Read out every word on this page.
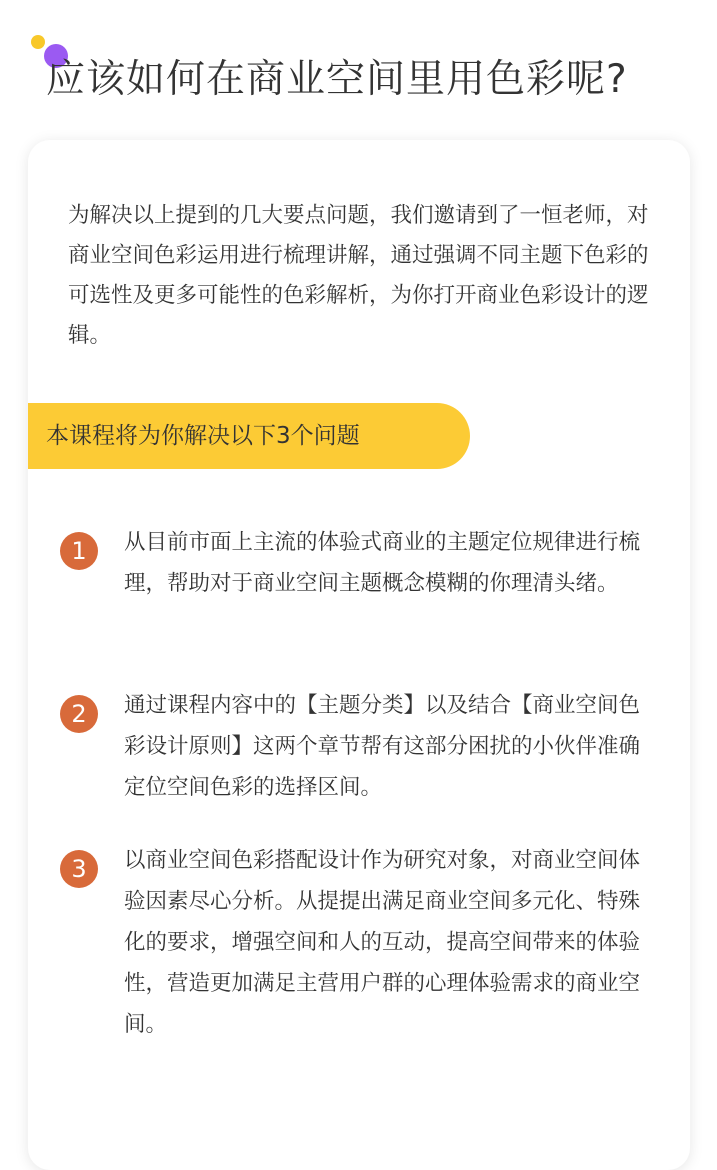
应该如何在商业空间里用色彩呢?

为解决以上提到的几大要点问题，我们邀请到了一恒老师，对商业空间色彩运用进行梳理讲解，通过强调不同主题下色彩的可选性及更多可能性的色彩解析，为你打开商业色彩设计的逻辑。

本课程将为你解决以下3个问题
1	从目前市面上主流的体验式商业的主题定位规律进行梳理，帮助对于商业空间主题概念模糊的你理清头绪。

2	通过课程内容中的【主题分类】以及结合【商业空间色彩设计原则】这两个章节帮有这部分困扰的小伙伴准确定位空间色彩的选择区间。

3	以商业空间色彩搭配设计作为研究对象，对商业空间体验因素尽心分析。从提提出满足商业空间多元化、特殊化的要求，增强空间和人的互动，提高空间带来的体验性，营造更加满足主营用户群的心理体验需求的商业空间。
